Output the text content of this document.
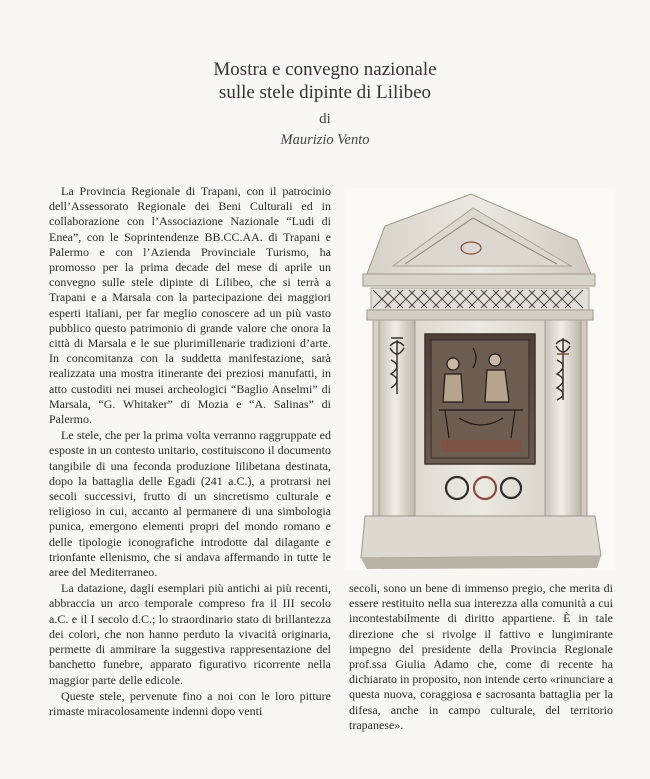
Mostra e convegno nazionale
sulle stele dipinte di Lilibeo
di
Maurizio Vento

La Provincia Regionale di Trapani, con il patrocinio dell’Assessorato Regionale dei Beni Culturali ed in collaborazione con l’Associazione Nazionale “Ludi di Enea”, con le Soprintendenze BB.CC.AA. di Trapani e Palermo e con l’Azienda Provinciale Turismo, ha promosso per la prima decade del mese di aprile un convegno sulle stele dipinte di Lilibeo, che si terrà a Trapani e a Marsala con la partecipazione dei maggiori esperti italiani, per far meglio conoscere ad un più vasto pubblico questo patrimonio di grande valore che onora la città di Marsala e le sue plurimillenarie tradizioni d’arte. In concomitanza con la suddetta manifestazione, sarà realizzata una mostra itinerante dei preziosi manufatti, in atto custoditi nei musei archeologici “Baglio Anselmi” di Marsala, “G. Whitaker” di Mozia e “A. Salinas” di Palermo.

Le stele, che per la prima volta verranno raggruppate ed esposte in un contesto unitario, costituiscono il documento tangibile di una feconda produzione lilibetana destinata, dopo la battaglia delle Egadi (241 a.C.), a protrarsi nei secoli successivi, frutto di un sincretismo culturale e religioso in cui, accanto al permanere di una simbologia punica, emergono elementi propri del mondo romano e delle tipologie iconografiche introdotte dal dilagante e trionfante ellenismo, che si andava affermando in tutte le aree del Mediterraneo.

La datazione, dagli esemplari più antichi ai più recenti, abbraccia un arco temporale compreso fra il III secolo a.C. e il I secolo d.C.; lo straordinario stato di brillantezza dei colori, che non hanno perduto la vivacità originaria, permette di ammirare la suggestiva rappresentazione del banchetto funebre, apparato figurativo ricorrente nella maggior parte delle edicole.

Queste stele, pervenute fino a noi con le loro pitture rimaste miracolosamente indenni dopo venti

secoli, sono un bene di immenso pregio, che merita di essere restituito nella sua interezza alla comunità a cui incontestabilmente di diritto appartiene. È in tale direzione che si rivolge il fattivo e lungimirante impegno del presidente della Provincia Regionale prof.ssa Giulia Adamo che, come di recente ha dichiarato in proposito, non intende certo «rinunciare a questa nuova, coraggiosa e sacrosanta battaglia per la difesa, anche in campo culturale, del territorio trapanese».
